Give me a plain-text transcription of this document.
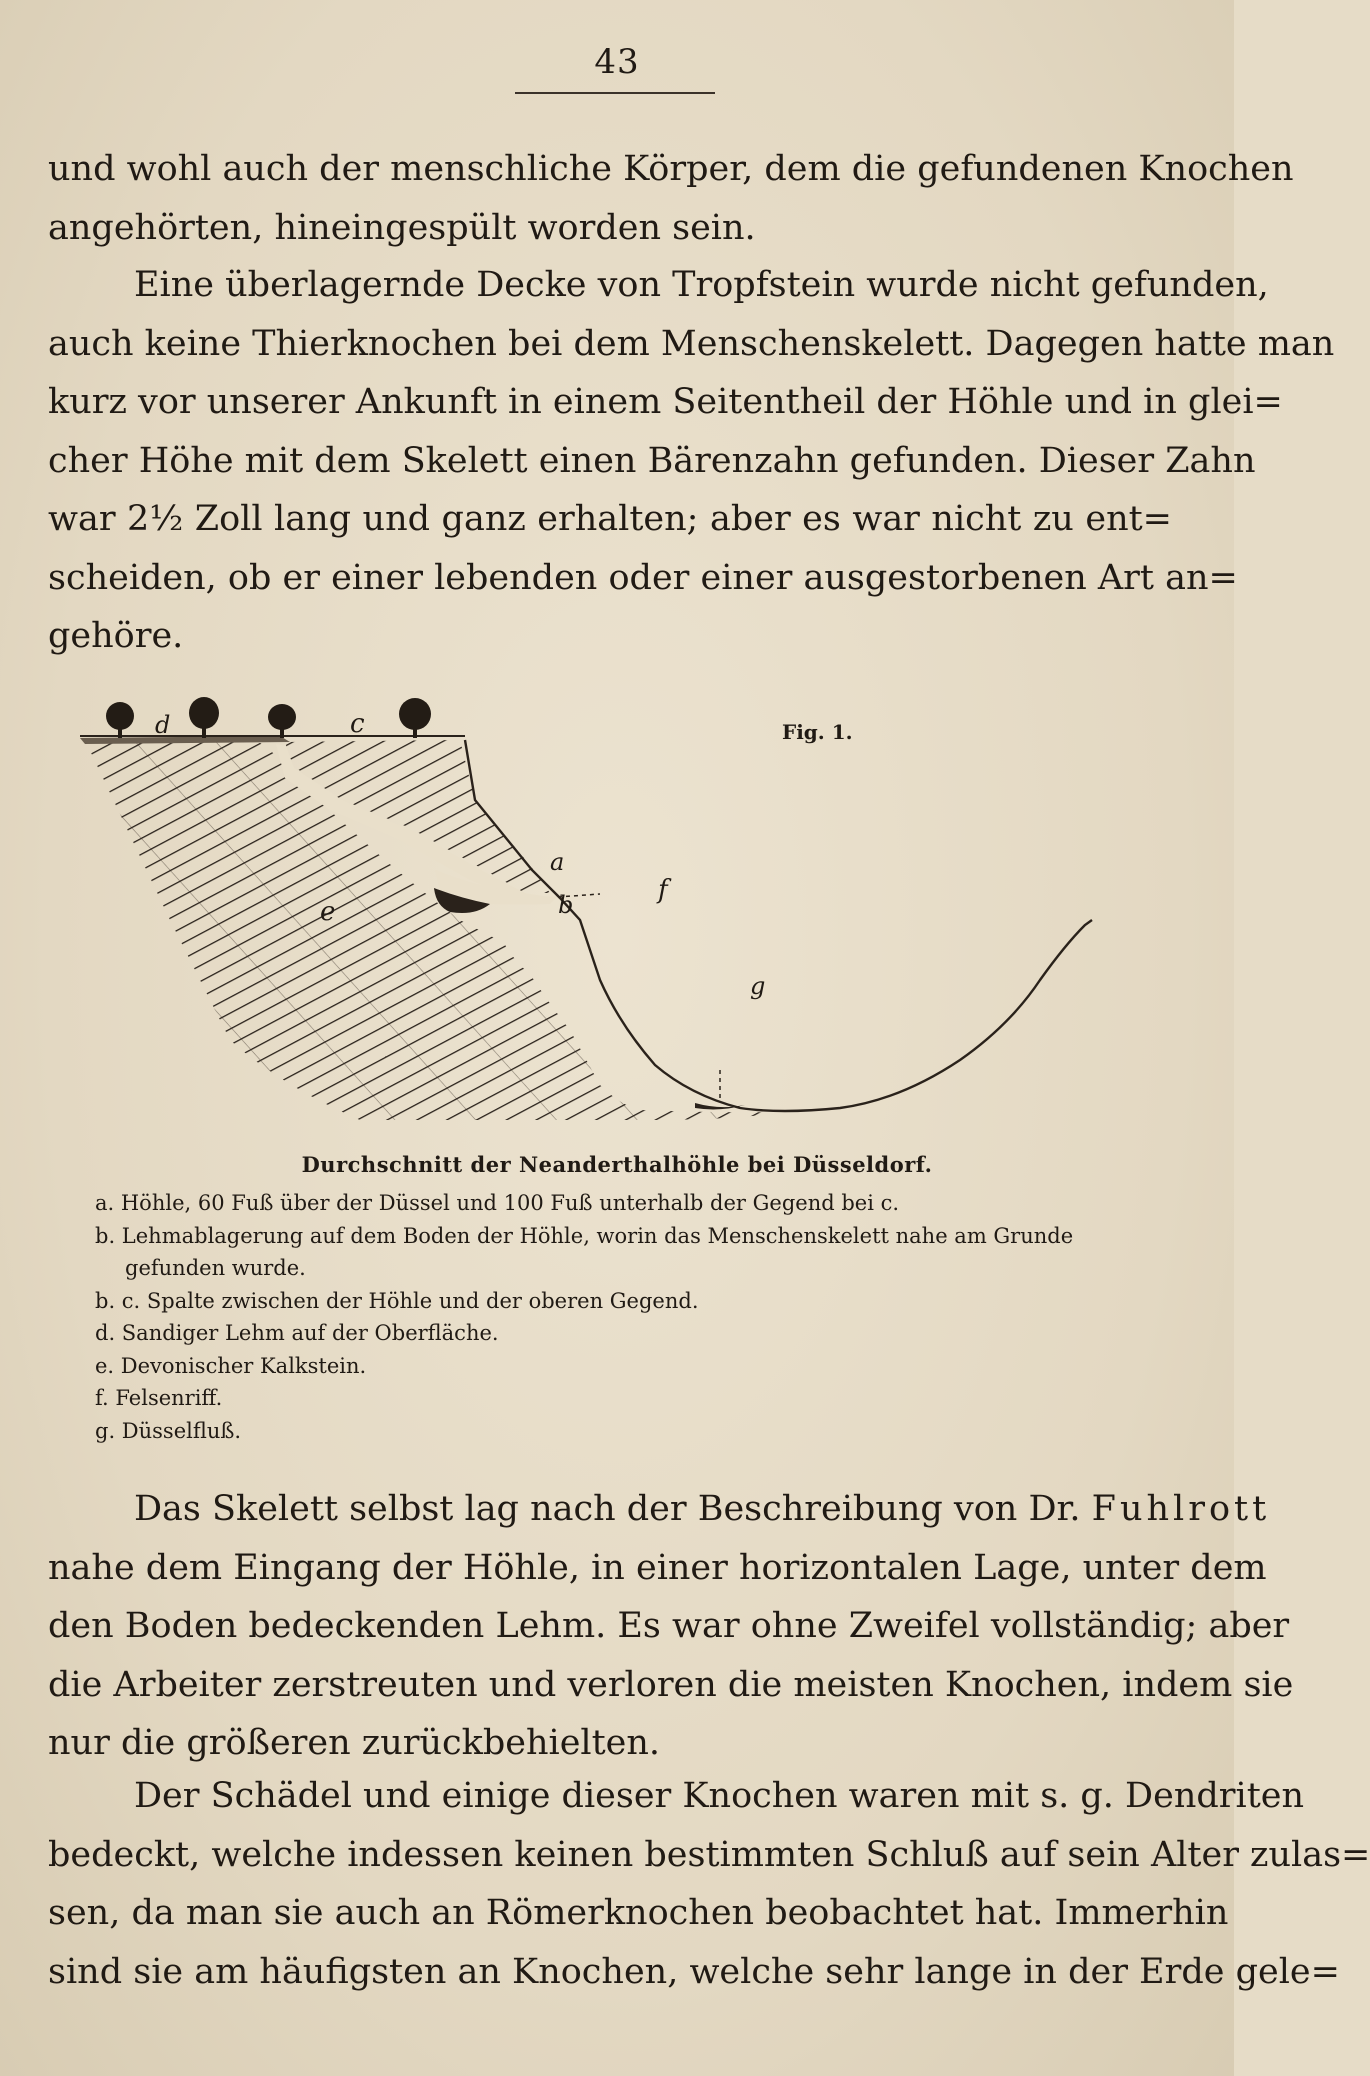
43

und wohl auch der menschliche Körper, dem die gefundenen Knochen
angehörten, hineingespült worden sein.

Eine überlagernde Decke von Tropfstein wurde nicht gefunden,
auch keine Thierknochen bei dem Menschenskelett. Dagegen hatte man
kurz vor unserer Ankunft in einem Seitentheil der Höhle und in glei=
cher Höhe mit dem Skelett einen Bärenzahn gefunden. Dieser Zahn
war 2½ Zoll lang und ganz erhalten; aber es war nicht zu ent=
scheiden, ob er einer lebenden oder einer ausgestorbenen Art an=
gehöre.

d	c
e
a
b	f
g
Fig. 1.
Durchschnitt der Neanderthalhöhle bei Düsseldorf.
a. Höhle, 60 Fuß über der Düssel und 100 Fuß unterhalb der Gegend bei c.
b. Lehmablagerung auf dem Boden der Höhle, worin das Menschenskelett nahe am Grunde
gefunden wurde.
b. c. Spalte zwischen der Höhle und der oberen Gegend.
d. Sandiger Lehm auf der Oberfläche.
e. Devonischer Kalkstein.
f. Felsenriff.
g. Düsselfluß.

Das Skelett selbst lag nach der Beschreibung von Dr. Fuhlrott
nahe dem Eingang der Höhle, in einer horizontalen Lage, unter dem
den Boden bedeckenden Lehm. Es war ohne Zweifel vollständig; aber
die Arbeiter zerstreuten und verloren die meisten Knochen, indem sie
nur die größeren zurückbehielten.

Der Schädel und einige dieser Knochen waren mit s. g. Dendriten
bedeckt, welche indessen keinen bestimmten Schluß auf sein Alter zulas=
sen, da man sie auch an Römerknochen beobachtet hat. Immerhin
sind sie am häufigsten an Knochen, welche sehr lange in der Erde gele=
